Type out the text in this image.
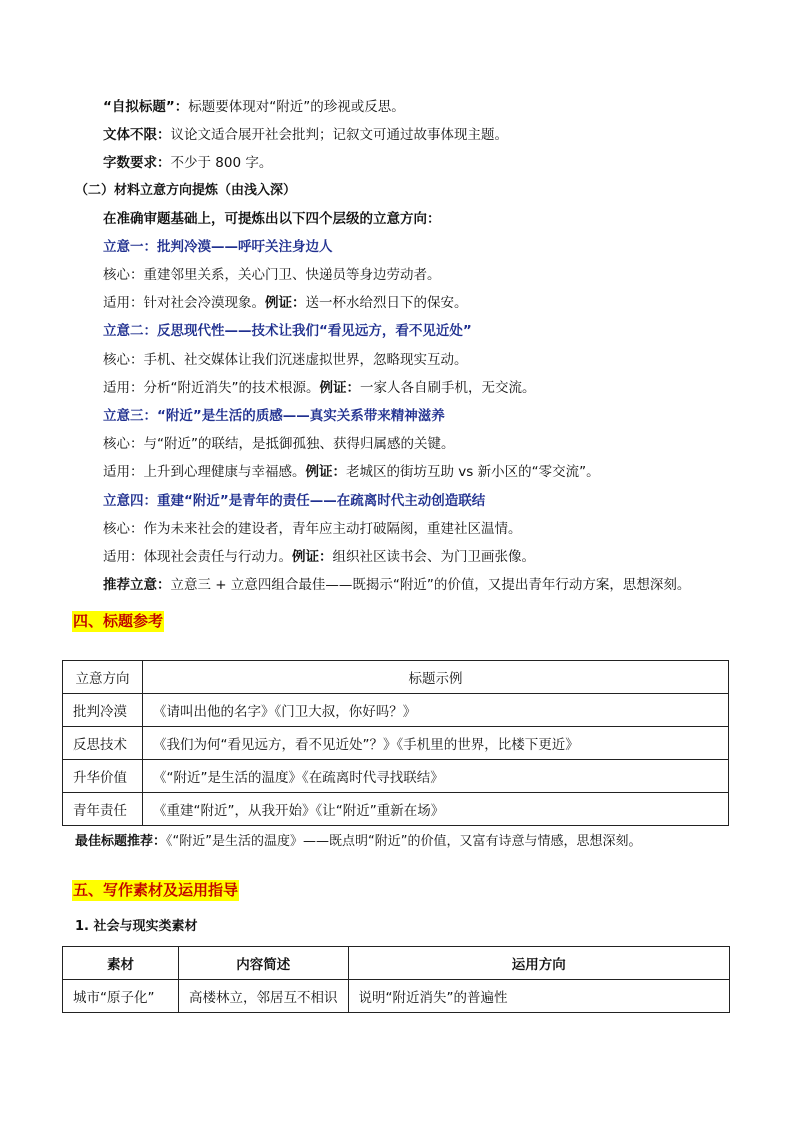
“自拟标题”：标题要体现对“附近”的珍视或反思。
文体不限：议论文适合展开社会批判；记叙文可通过故事体现主题。
字数要求：不少于 800 字。
（二）材料立意方向提炼（由浅入深）
在准确审题基础上，可提炼出以下四个层级的立意方向：
立意一：批判冷漠——呼吁关注身边人
核心：重建邻里关系，关心门卫、快递员等身边劳动者。
适用：针对社会冷漠现象。例证：送一杯水给烈日下的保安。
立意二：反思现代性——技术让我们“看见远方，看不见近处”
核心：手机、社交媒体让我们沉迷虚拟世界，忽略现实互动。
适用：分析“附近消失”的技术根源。例证：一家人各自刷手机，无交流。
立意三：“附近”是生活的质感——真实关系带来精神滋养
核心：与“附近”的联结，是抵御孤独、获得归属感的关键。
适用：上升到心理健康与幸福感。例证：老城区的街坊互助 vs 新小区的“零交流”。
立意四：重建“附近”是青年的责任——在疏离时代主动创造联结
核心：作为未来社会的建设者，青年应主动打破隔阂，重建社区温情。
适用：体现社会责任与行动力。例证：组织社区读书会、为门卫画张像。
推荐立意：立意三 + 立意四组合最佳——既揭示“附近”的价值，又提出青年行动方案，思想深刻。
四、标题参考
立意方向	标题示例
批判冷漠	《请叫出他的名字》《门卫大叔，你好吗？》
反思技术	《我们为何“看见远方，看不见近处”？》《手机里的世界，比楼下更近》
升华价值	《“附近”是生活的温度》《在疏离时代寻找联结》
青年责任	《重建“附近”，从我开始》《让“附近”重新在场》
最佳标题推荐：《“附近”是生活的温度》——既点明“附近”的价值，又富有诗意与情感，思想深刻。
五、写作素材及运用指导
1. 社会与现实类素材
素材	内容简述	运用方向
城市“原子化”	高楼林立，邻居互不相识	说明“附近消失”的普遍性
